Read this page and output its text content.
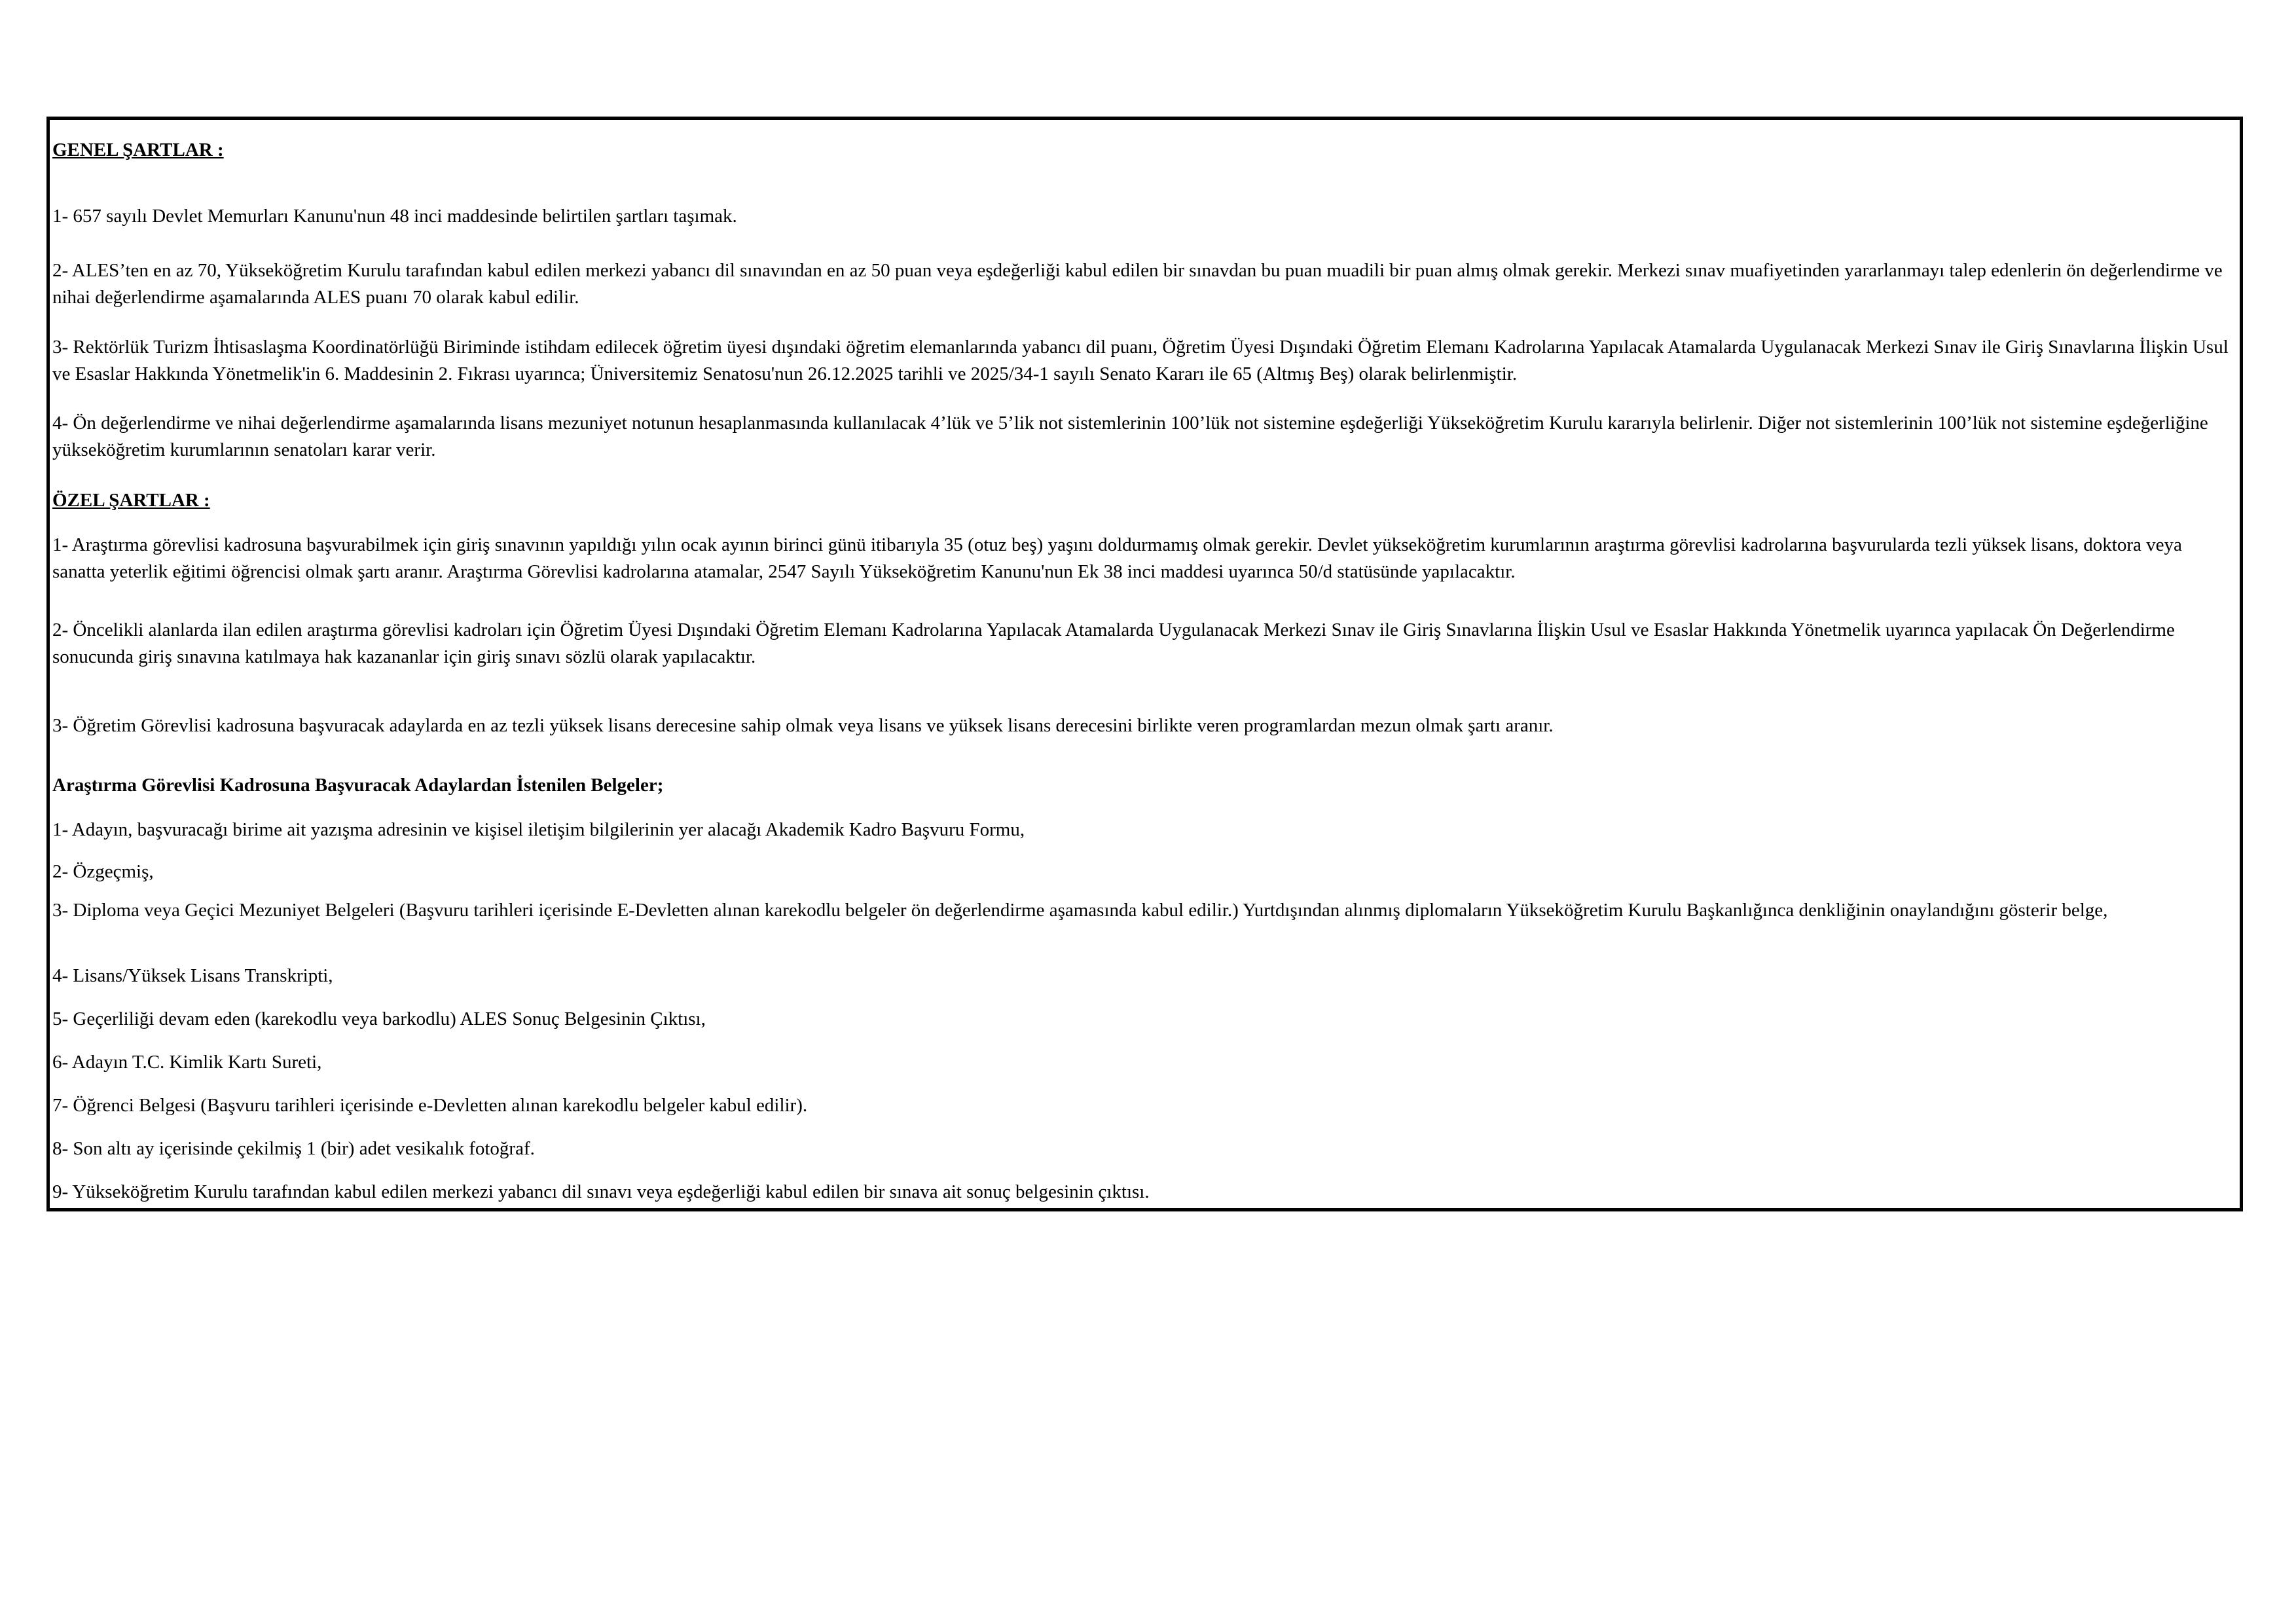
GENEL ŞARTLAR :

1- 657 sayılı Devlet Memurları Kanunu'nun 48 inci maddesinde belirtilen şartları taşımak.

2- ALES’ten en az 70, Yükseköğretim Kurulu tarafından kabul edilen merkezi yabancı dil sınavından en az 50 puan veya eşdeğerliği kabul edilen bir sınavdan bu puan muadili bir puan almış olmak gerekir. Merkezi sınav muafiyetinden yararlanmayı talep edenlerin ön değerlendirme ve nihai değerlendirme aşamalarında ALES puanı 70 olarak kabul edilir.

3- Rektörlük Turizm İhtisaslaşma Koordinatörlüğü Biriminde istihdam edilecek öğretim üyesi dışındaki öğretim elemanlarında yabancı dil puanı, Öğretim Üyesi Dışındaki Öğretim Elemanı Kadrolarına Yapılacak Atamalarda Uygulanacak Merkezi Sınav ile Giriş Sınavlarına İlişkin Usul ve Esaslar Hakkında Yönetmelik'in 6. Maddesinin 2. Fıkrası uyarınca; Üniversitemiz Senatosu'nun 26.12.2025 tarihli ve 2025/34-1 sayılı Senato Kararı ile 65 (Altmış Beş) olarak belirlenmiştir.

4- Ön değerlendirme ve nihai değerlendirme aşamalarında lisans mezuniyet notunun hesaplanmasında kullanılacak 4’lük ve 5’lik not sistemlerinin 100’lük not sistemine eşdeğerliği Yükseköğretim Kurulu kararıyla belirlenir. Diğer not sistemlerinin 100’lük not sistemine eşdeğerliğine yükseköğretim kurumlarının senatoları karar verir.

ÖZEL ŞARTLAR :

1- Araştırma görevlisi kadrosuna başvurabilmek için giriş sınavının yapıldığı yılın ocak ayının birinci günü itibarıyla 35 (otuz beş) yaşını doldurmamış olmak gerekir. Devlet yükseköğretim kurumlarının araştırma görevlisi kadrolarına başvurularda tezli yüksek lisans, doktora veya sanatta yeterlik eğitimi öğrencisi olmak şartı aranır. Araştırma Görevlisi kadrolarına atamalar, 2547 Sayılı Yükseköğretim Kanunu'nun Ek 38 inci maddesi uyarınca 50/d statüsünde yapılacaktır.

2- Öncelikli alanlarda ilan edilen araştırma görevlisi kadroları için Öğretim Üyesi Dışındaki Öğretim Elemanı Kadrolarına Yapılacak Atamalarda Uygulanacak Merkezi Sınav ile Giriş Sınavlarına İlişkin Usul ve Esaslar Hakkında Yönetmelik uyarınca yapılacak Ön Değerlendirme sonucunda giriş sınavına katılmaya hak kazananlar için giriş sınavı sözlü olarak yapılacaktır.

3- Öğretim Görevlisi kadrosuna başvuracak adaylarda en az tezli yüksek lisans derecesine sahip olmak veya lisans ve yüksek lisans derecesini birlikte veren programlardan mezun olmak şartı aranır.

Araştırma Görevlisi Kadrosuna Başvuracak Adaylardan İstenilen Belgeler;

1- Adayın, başvuracağı birime ait yazışma adresinin ve kişisel iletişim bilgilerinin yer alacağı Akademik Kadro Başvuru Formu,

2- Özgeçmiş,

3- Diploma veya Geçici Mezuniyet Belgeleri (Başvuru tarihleri içerisinde E-Devletten alınan karekodlu belgeler ön değerlendirme aşamasında kabul edilir.) Yurtdışından alınmış diplomaların Yükseköğretim Kurulu Başkanlığınca denkliğinin onaylandığını gösterir belge,

4- Lisans/Yüksek Lisans Transkripti,

5- Geçerliliği devam eden (karekodlu veya barkodlu) ALES Sonuç Belgesinin Çıktısı,

6- Adayın T.C. Kimlik Kartı Sureti,

7- Öğrenci Belgesi (Başvuru tarihleri içerisinde e-Devletten alınan karekodlu belgeler kabul edilir).

8- Son altı ay içerisinde çekilmiş 1 (bir) adet vesikalık fotoğraf.

9- Yükseköğretim Kurulu tarafından kabul edilen merkezi yabancı dil sınavı veya eşdeğerliği kabul edilen bir sınava ait sonuç belgesinin çıktısı.
